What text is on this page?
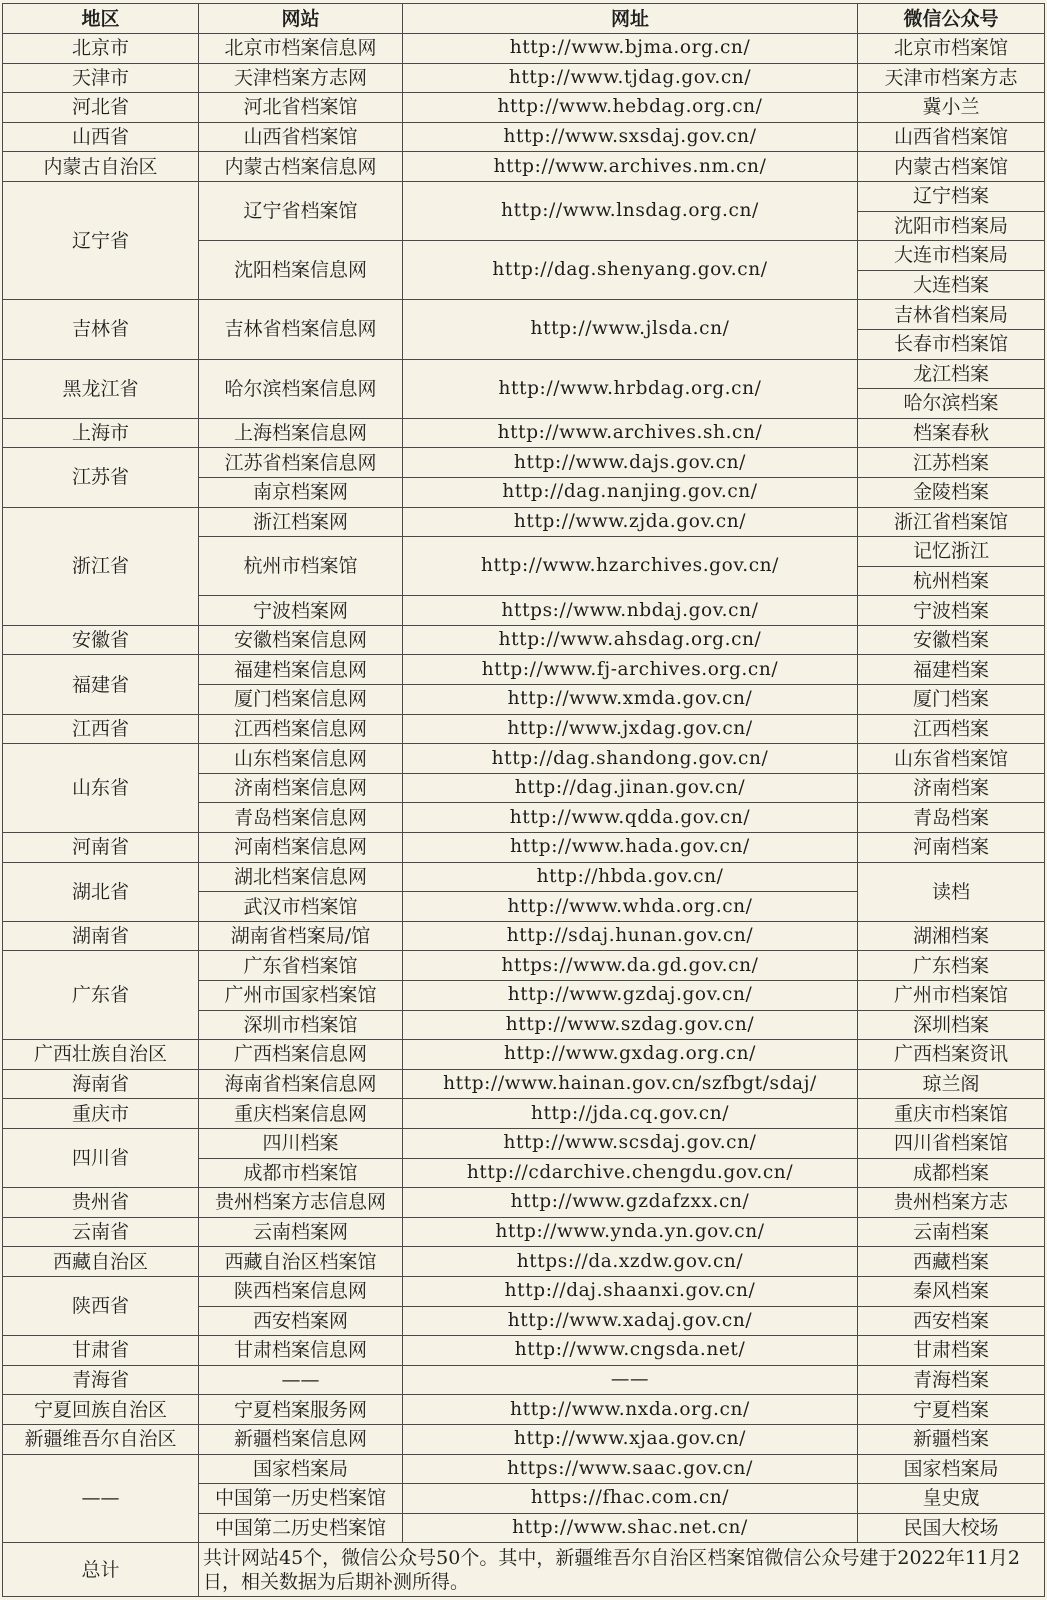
地区	网站	网址	微信公众号
北京市	北京市档案信息网	http://www.bjma.org.cn/	北京市档案馆
天津市	天津档案方志网	http://www.tjdag.gov.cn/	天津市档案方志
河北省	河北省档案馆	http://www.hebdag.org.cn/	冀小兰
山西省	山西省档案馆	http://www.sxsdaj.gov.cn/	山西省档案馆
内蒙古自治区	内蒙古档案信息网	http://www.archives.nm.cn/	内蒙古档案馆
辽宁省	辽宁省档案馆	http://www.lnsdag.org.cn/	辽宁档案
			沈阳市档案局
	沈阳档案信息网	http://dag.shenyang.gov.cn/	大连市档案局
			大连档案
吉林省	吉林省档案信息网	http://www.jlsda.cn/	吉林省档案局
			长春市档案馆
黑龙江省	哈尔滨档案信息网	http://www.hrbdag.org.cn/	龙江档案
			哈尔滨档案
上海市	上海档案信息网	http://www.archives.sh.cn/	档案春秋
江苏省	江苏省档案信息网	http://www.dajs.gov.cn/	江苏档案
	南京档案网	http://dag.nanjing.gov.cn/	金陵档案
浙江省	浙江档案网	http://www.zjda.gov.cn/	浙江省档案馆
	杭州市档案馆	http://www.hzarchives.gov.cn/	记忆浙江
			杭州档案
	宁波档案网	https://www.nbdaj.gov.cn/	宁波档案
安徽省	安徽档案信息网	http://www.ahsdag.org.cn/	安徽档案
福建省	福建档案信息网	http://www.fj-archives.org.cn/	福建档案
	厦门档案信息网	http://www.xmda.gov.cn/	厦门档案
江西省	江西档案信息网	http://www.jxdag.gov.cn/	江西档案
山东省	山东档案信息网	http://dag.shandong.gov.cn/	山东省档案馆
	济南档案信息网	http://dag.jinan.gov.cn/	济南档案
	青岛档案信息网	http://www.qdda.gov.cn/	青岛档案
河南省	河南档案信息网	http://www.hada.gov.cn/	河南档案
湖北省	湖北档案信息网	http://hbda.gov.cn/	读档
	武汉市档案馆	http://www.whda.org.cn/	
湖南省	湖南省档案局/馆	http://sdaj.hunan.gov.cn/	湖湘档案
广东省	广东省档案馆	https://www.da.gd.gov.cn/	广东档案
	广州市国家档案馆	http://www.gzdaj.gov.cn/	广州市档案馆
	深圳市档案馆	http://www.szdag.gov.cn/	深圳档案
广西壮族自治区	广西档案信息网	http://www.gxdag.org.cn/	广西档案资讯
海南省	海南省档案信息网	http://www.hainan.gov.cn/szfbgt/sdaj/	琼兰阁
重庆市	重庆档案信息网	http://jda.cq.gov.cn/	重庆市档案馆
四川省	四川档案	http://www.scsdaj.gov.cn/	四川省档案馆
	成都市档案馆	http://cdarchive.chengdu.gov.cn/	成都档案
贵州省	贵州档案方志信息网	http://www.gzdafzxx.cn/	贵州档案方志
云南省	云南档案网	http://www.ynda.yn.gov.cn/	云南档案
西藏自治区	西藏自治区档案馆	https://da.xzdw.gov.cn/	西藏档案
陕西省	陕西档案信息网	http://daj.shaanxi.gov.cn/	秦风档案
	西安档案网	http://www.xadaj.gov.cn/	西安档案
甘肃省	甘肃档案信息网	http://www.cngsda.net/	甘肃档案
青海省	——	——	青海档案
宁夏回族自治区	宁夏档案服务网	http://www.nxda.org.cn/	宁夏档案
新疆维吾尔自治区	新疆档案信息网	http://www.xjaa.gov.cn/	新疆档案
——	国家档案局	https://www.saac.gov.cn/	国家档案局
	中国第一历史档案馆	https://fhac.com.cn/	皇史宬
	中国第二历史档案馆	http://www.shac.net.cn/	民国大校场
总计	共计网站45个，微信公众号50个。其中，新疆维吾尔自治区档案馆微信公众号建于2022年11月2日，相关数据为后期补测所得。		
